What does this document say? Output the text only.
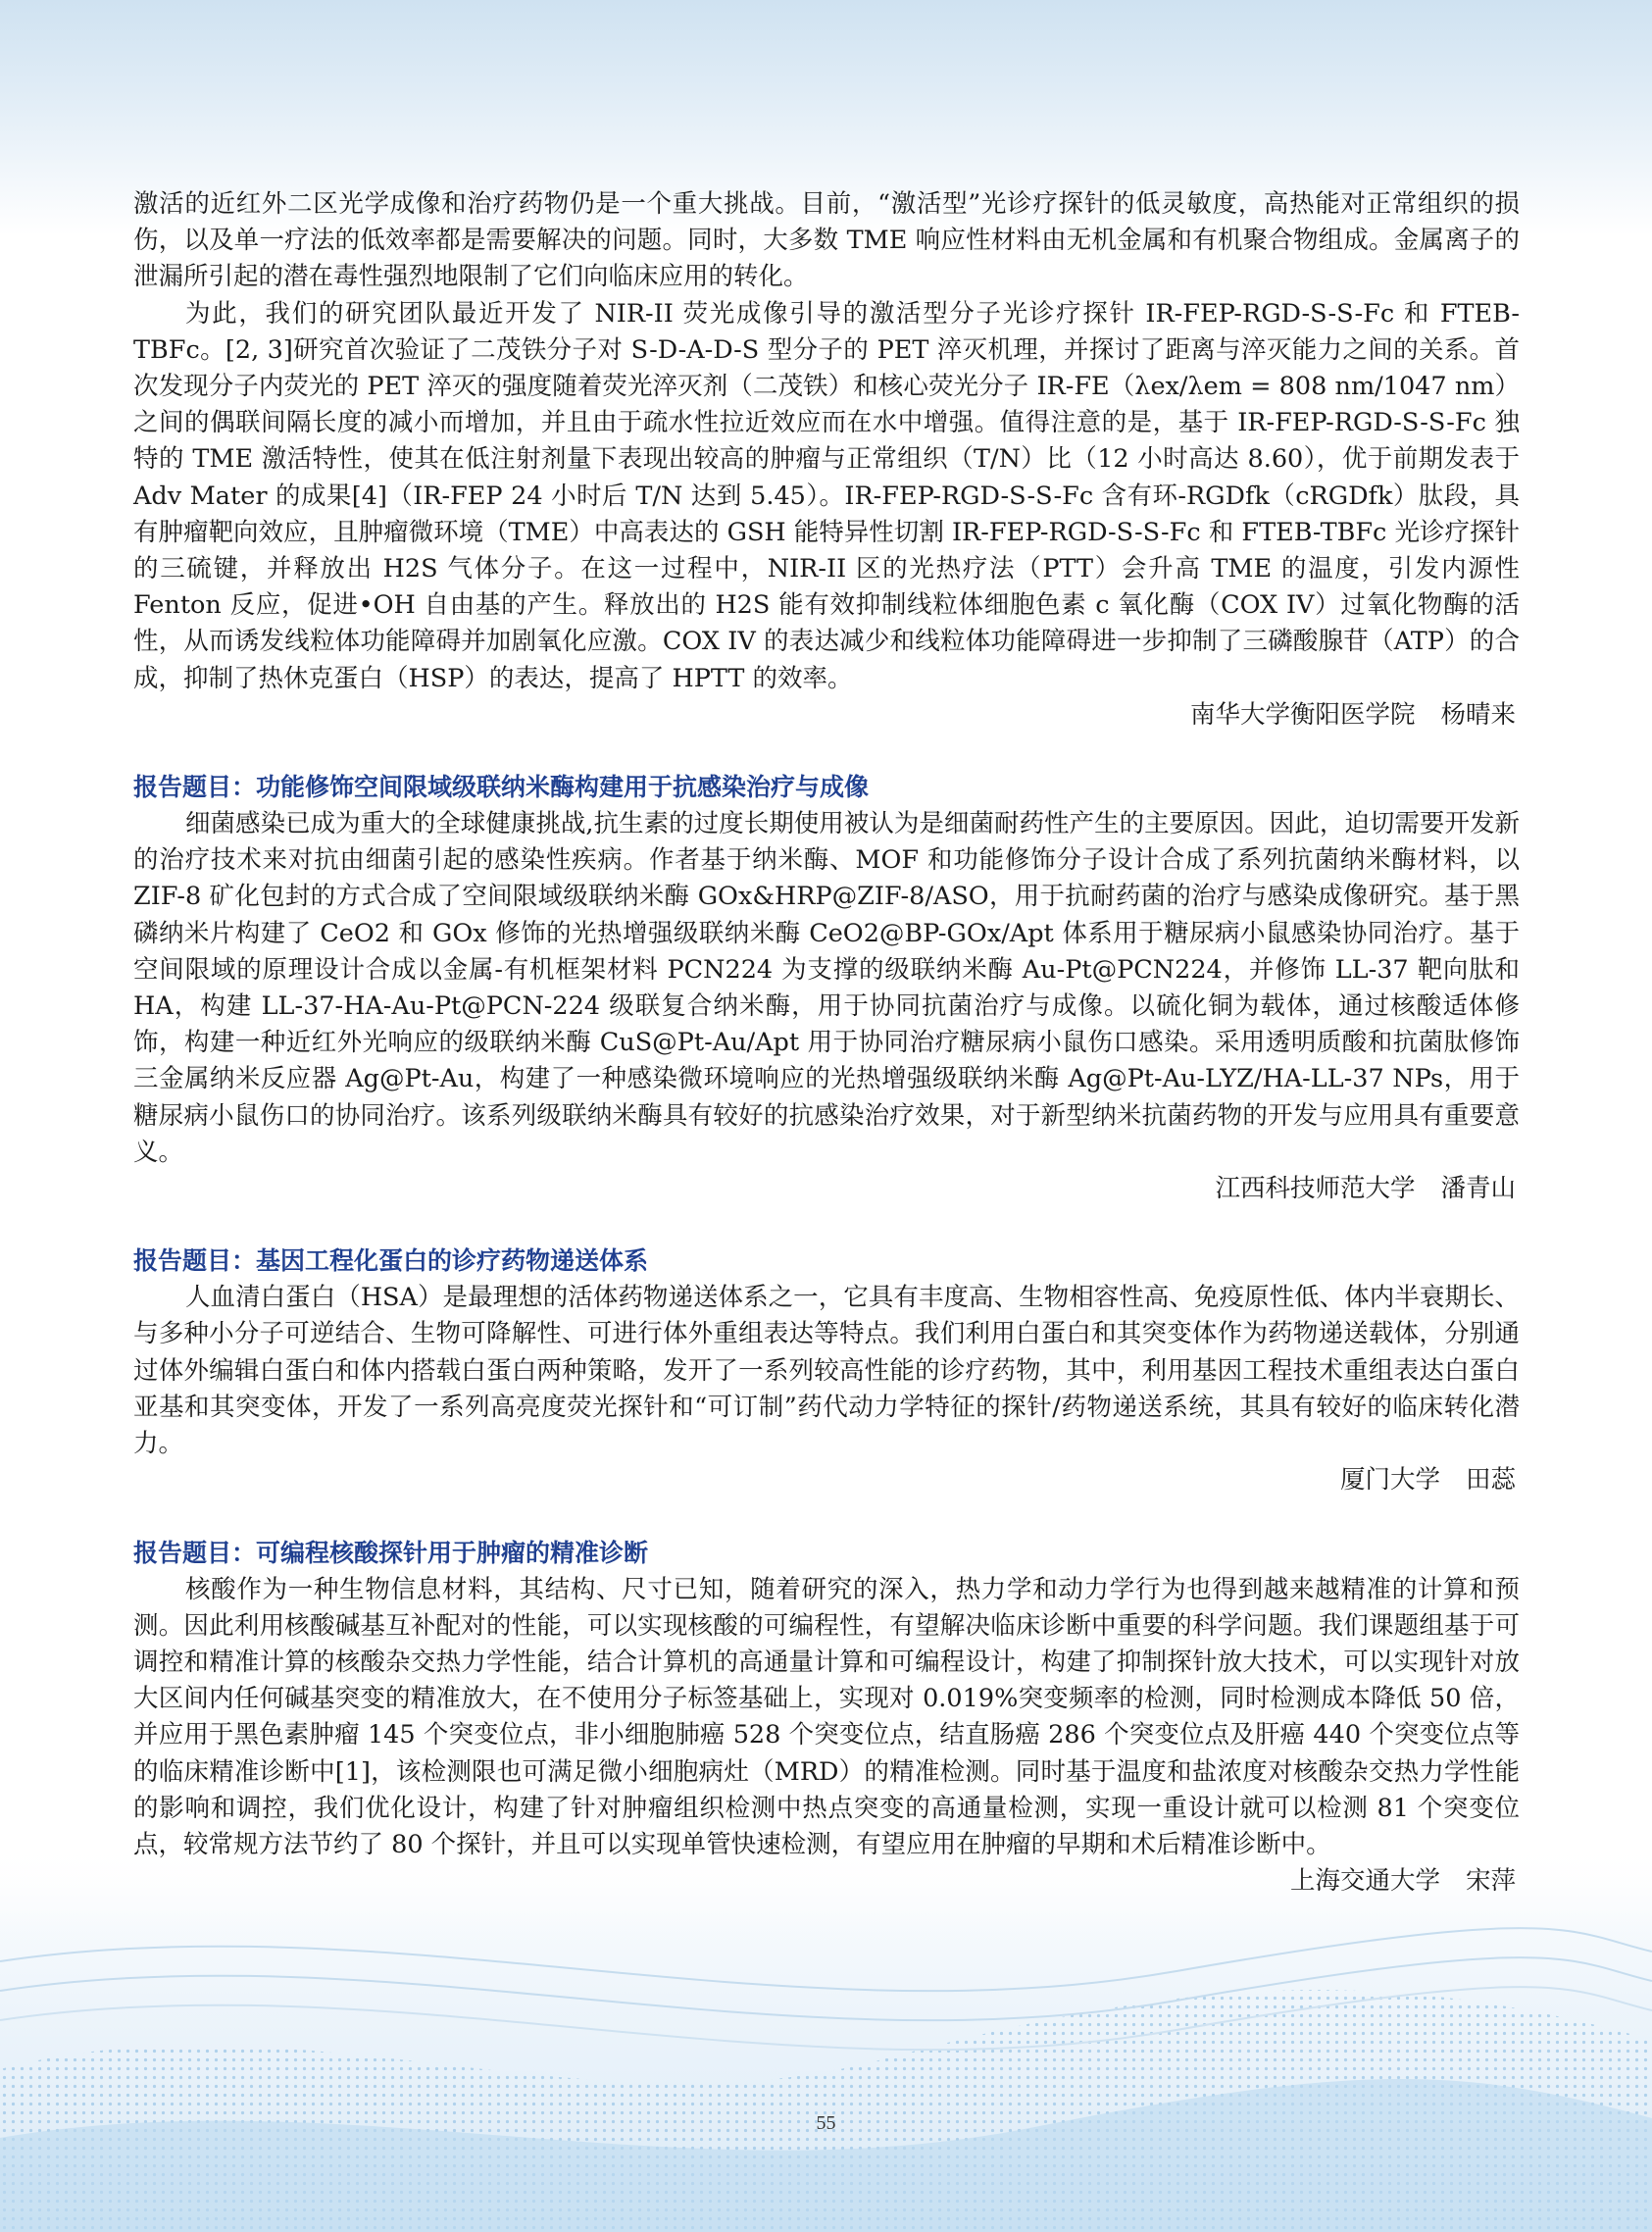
激活的近红外二区光学成像和治疗药物仍是一个重大挑战。目前，“激活型”光诊疗探针的低灵敏度，高热能对正常组织的损伤，以及单一疗法的低效率都是需要解决的问题。同时，大多数 TME 响应性材料由无机金属和有机聚合物组成。金属离子的泄漏所引起的潜在毒性强烈地限制了它们向临床应用的转化。

为此，我们的研究团队最近开发了 NIR-II 荧光成像引导的激活型分子光诊疗探针 IR-FEP-RGD-S-S-Fc 和 FTEB-TBFc。[2, 3]研究首次验证了二茂铁分子对 S-D-A-D-S 型分子的 PET 淬灭机理，并探讨了距离与淬灭能力之间的关系。首次发现分子内荧光的 PET 淬灭的强度随着荧光淬灭剂（二茂铁）和核心荧光分子 IR-FE（λex/λem = 808 nm/1047 nm）之间的偶联间隔长度的减小而增加，并且由于疏水性拉近效应而在水中增强。值得注意的是，基于 IR-FEP-RGD-S-S-Fc 独特的 TME 激活特性，使其在低注射剂量下表现出较高的肿瘤与正常组织（T/N）比（12 小时高达 8.60），优于前期发表于 Adv Mater 的成果[4]（IR-FEP 24 小时后 T/N 达到 5.45）。IR-FEP-RGD-S-S-Fc 含有环-RGDfk（cRGDfk）肽段，具有肿瘤靶向效应，且肿瘤微环境（TME）中高表达的 GSH 能特异性切割 IR-FEP-RGD-S-S-Fc 和 FTEB-TBFc 光诊疗探针的三硫键，并释放出 H2S 气体分子。在这一过程中，NIR-II 区的光热疗法（PTT）会升高 TME 的温度，引发内源性 Fenton 反应，促进•OH 自由基的产生。释放出的 H2S 能有效抑制线粒体细胞色素 c 氧化酶（COX IV）过氧化物酶的活性，从而诱发线粒体功能障碍并加剧氧化应激。COX IV 的表达减少和线粒体功能障碍进一步抑制了三磷酸腺苷（ATP）的合成，抑制了热休克蛋白（HSP）的表达，提高了 HPTT 的效率。

南华大学衡阳医学院 杨晴来
报告题目：功能修饰空间限域级联纳米酶构建用于抗感染治疗与成像

细菌感染已成为重大的全球健康挑战,抗生素的过度长期使用被认为是细菌耐药性产生的主要原因。因此，迫切需要开发新的治疗技术来对抗由细菌引起的感染性疾病。作者基于纳米酶、MOF 和功能修饰分子设计合成了系列抗菌纳米酶材料，以 ZIF-8 矿化包封的方式合成了空间限域级联纳米酶 GOx&HRP@ZIF-8/ASO，用于抗耐药菌的治疗与感染成像研究。基于黑磷纳米片构建了 CeO2 和 GOx 修饰的光热增强级联纳米酶 CeO2@BP-GOx/Apt 体系用于糖尿病小鼠感染协同治疗。基于空间限域的原理设计合成以金属-有机框架材料 PCN224 为支撑的级联纳米酶 Au-Pt@PCN224，并修饰 LL-37 靶向肽和 HA，构建 LL-37-HA-Au-Pt@PCN-224 级联复合纳米酶，用于协同抗菌治疗与成像。以硫化铜为载体，通过核酸适体修饰，构建一种近红外光响应的级联纳米酶 CuS@Pt-Au/Apt 用于协同治疗糖尿病小鼠伤口感染。采用透明质酸和抗菌肽修饰三金属纳米反应器 Ag@Pt-Au，构建了一种感染微环境响应的光热增强级联纳米酶 Ag@Pt-Au-LYZ/HA-LL-37 NPs，用于糖尿病小鼠伤口的协同治疗。该系列级联纳米酶具有较好的抗感染治疗效果，对于新型纳米抗菌药物的开发与应用具有重要意义。

江西科技师范大学 潘青山
报告题目：基因工程化蛋白的诊疗药物递送体系

人血清白蛋白（HSA）是最理想的活体药物递送体系之一，它具有丰度高、生物相容性高、免疫原性低、体内半衰期长、与多种小分子可逆结合、生物可降解性、可进行体外重组表达等特点。我们利用白蛋白和其突变体作为药物递送载体，分别通过体外编辑白蛋白和体内搭载白蛋白两种策略，发开了一系列较高性能的诊疗药物，其中，利用基因工程技术重组表达白蛋白亚基和其突变体，开发了一系列高亮度荧光探针和“可订制”药代动力学特征的探针/药物递送系统，其具有较好的临床转化潜力。

厦门大学 田蕊
报告题目：可编程核酸探针用于肿瘤的精准诊断

核酸作为一种生物信息材料，其结构、尺寸已知，随着研究的深入，热力学和动力学行为也得到越来越精准的计算和预测。因此利用核酸碱基互补配对的性能，可以实现核酸的可编程性，有望解决临床诊断中重要的科学问题。我们课题组基于可调控和精准计算的核酸杂交热力学性能，结合计算机的高通量计算和可编程设计，构建了抑制探针放大技术，可以实现针对放大区间内任何碱基突变的精准放大，在不使用分子标签基础上，实现对 0.019%突变频率的检测，同时检测成本降低 50 倍，并应用于黑色素肿瘤 145 个突变位点，非小细胞肺癌 528 个突变位点，结直肠癌 286 个突变位点及肝癌 440 个突变位点等的临床精准诊断中[1]，该检测限也可满足微小细胞病灶（MRD）的精准检测。同时基于温度和盐浓度对核酸杂交热力学性能的影响和调控，我们优化设计，构建了针对肿瘤组织检测中热点突变的高通量检测，实现一重设计就可以检测 81 个突变位点，较常规方法节约了 80 个探针，并且可以实现单管快速检测，有望应用在肿瘤的早期和术后精准诊断中。

上海交通大学 宋萍
55
